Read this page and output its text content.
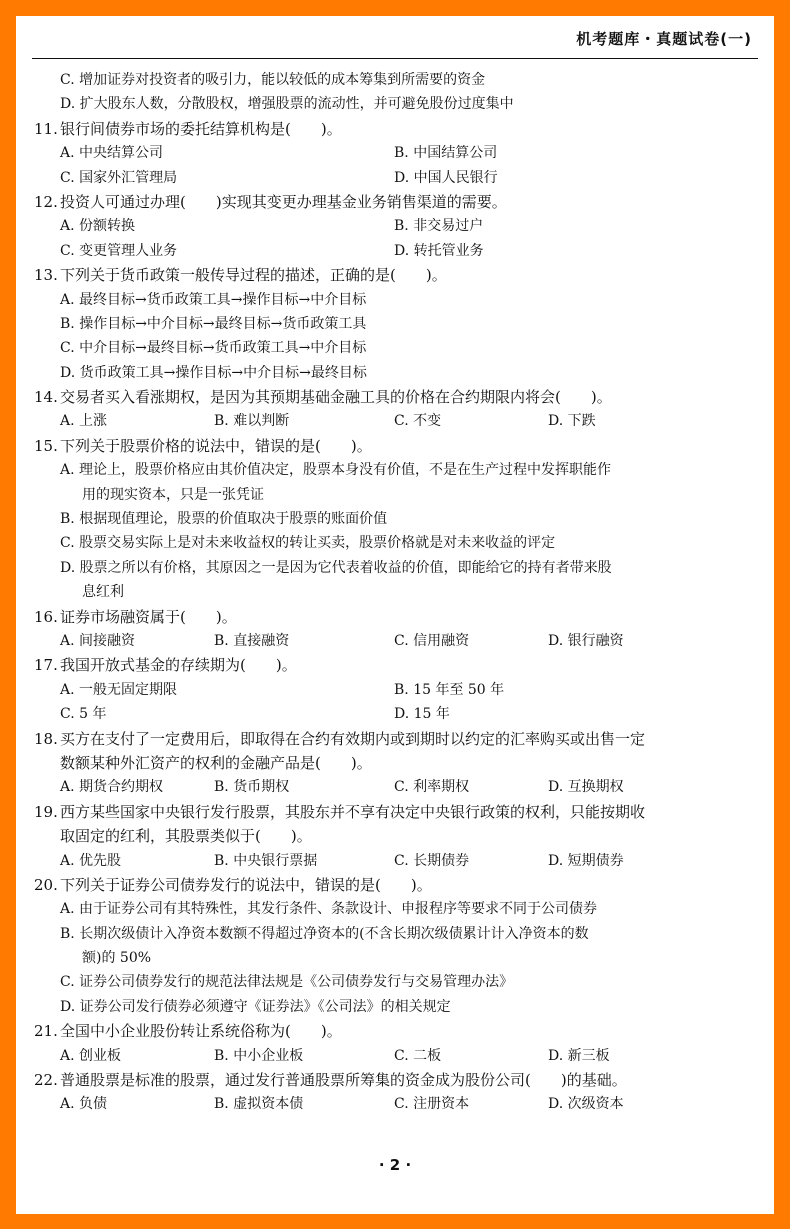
机考题库・真题试卷(一)
C. 增加证券对投资者的吸引力，能以较低的成本筹集到所需要的资金
D. 扩大股东人数，分散股权，增强股票的流动性，并可避免股份过度集中
11. 银行间债券市场的委托结算机构是(　　)。
A. 中央结算公司	B. 中国结算公司
C. 国家外汇管理局	D. 中国人民银行
12. 投资人可通过办理(　　)实现其变更办理基金业务销售渠道的需要。
A. 份额转换	B. 非交易过户
C. 变更管理人业务	D. 转托管业务
13. 下列关于货币政策一般传导过程的描述，正确的是(　　)。
A. 最终目标→货币政策工具→操作目标→中介目标
B. 操作目标→中介目标→最终目标→货币政策工具
C. 中介目标→最终目标→货币政策工具→中介目标
D. 货币政策工具→操作目标→中介目标→最终目标
14. 交易者买入看涨期权，是因为其预期基础金融工具的价格在合约期限内将会(　　)。
A. 上涨	B. 难以判断	C. 不变	D. 下跌
15. 下列关于股票价格的说法中，错误的是(　　)。
A. 理论上，股票价格应由其价值决定，股票本身没有价值，不是在生产过程中发挥职能作
用的现实资本，只是一张凭证
B. 根据现值理论，股票的价值取决于股票的账面价值
C. 股票交易实际上是对未来收益权的转让买卖，股票价格就是对未来收益的评定
D. 股票之所以有价格，其原因之一是因为它代表着收益的价值，即能给它的持有者带来股
息红利
16. 证券市场融资属于(　　)。
A. 间接融资	B. 直接融资	C. 信用融资	D. 银行融资
17. 我国开放式基金的存续期为(　　)。
A. 一般无固定期限	B. 15 年至 50 年
C. 5 年	D. 15 年
18. 买方在支付了一定费用后，即取得在合约有效期内或到期时以约定的汇率购买或出售一定
数额某种外汇资产的权利的金融产品是(　　)。
A. 期货合约期权	B. 货币期权	C. 利率期权	D. 互换期权
19. 西方某些国家中央银行发行股票，其股东并不享有决定中央银行政策的权利，只能按期收
取固定的红利，其股票类似于(　　)。
A. 优先股	B. 中央银行票据	C. 长期债券	D. 短期债券
20. 下列关于证券公司债券发行的说法中，错误的是(　　)。
A. 由于证券公司有其特殊性，其发行条件、条款设计、申报程序等要求不同于公司债券
B. 长期次级债计入净资本数额不得超过净资本的(不含长期次级债累计计入净资本的数
额)的 50%
C. 证券公司债券发行的规范法律法规是《公司债券发行与交易管理办法》
D. 证券公司发行债券必须遵守《证券法》《公司法》的相关规定
21. 全国中小企业股份转让系统俗称为(　　)。
A. 创业板	B. 中小企业板	C. 二板	D. 新三板
22. 普通股票是标准的股票，通过发行普通股票所筹集的资金成为股份公司(　　)的基础。
A. 负债	B. 虚拟资本债	C. 注册资本	D. 次级资本
· 2 ·
